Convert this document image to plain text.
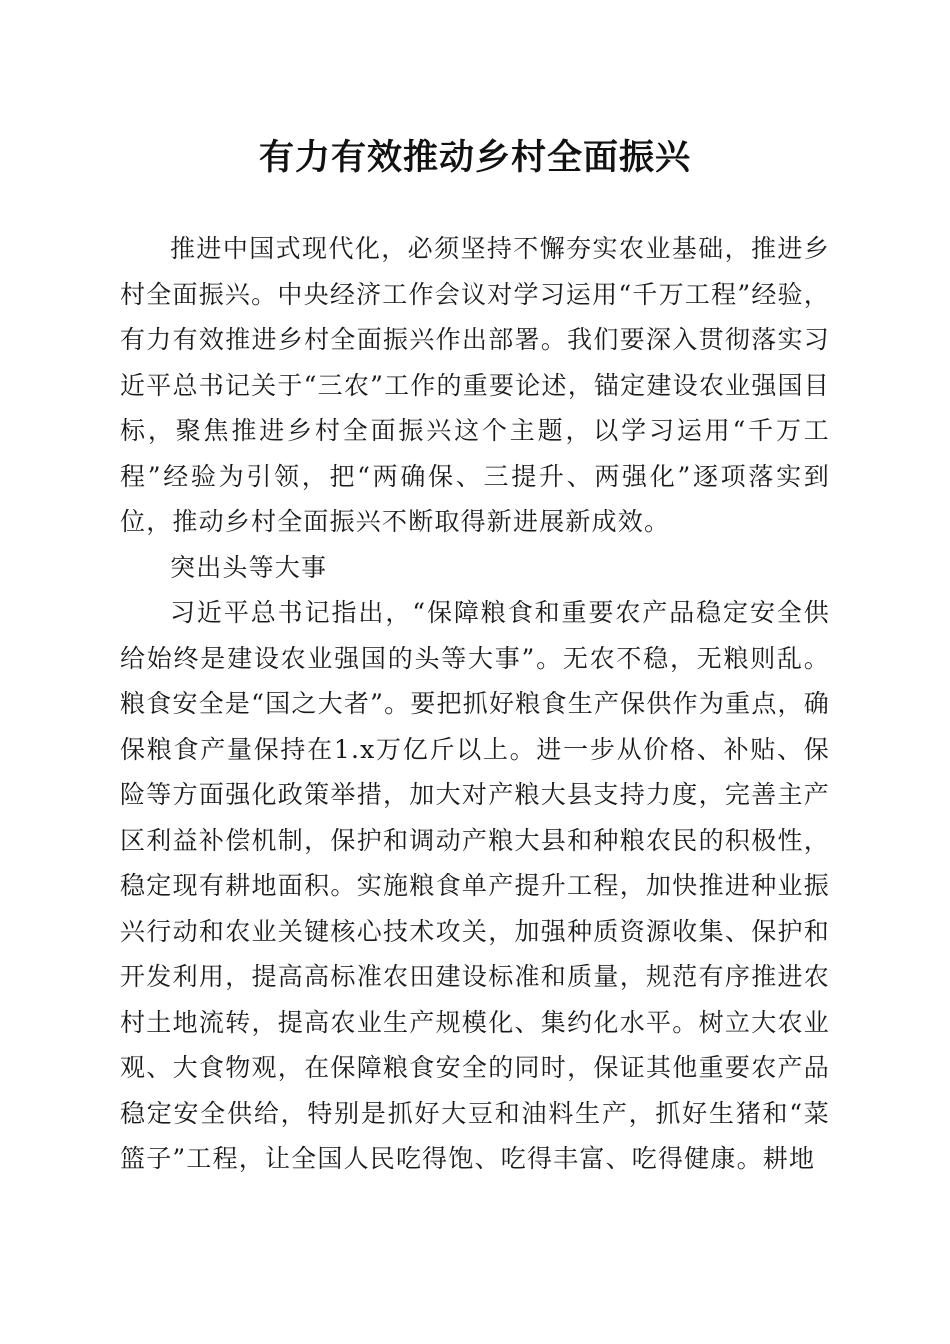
有力有效推动乡村全面振兴

推进中国式现代化，必须坚持不懈夯实农业基础，推进乡村全面振兴。中央经济工作会议对学习运用“千万工程”经验，有力有效推进乡村全面振兴作出部署。我们要深入贯彻落实习近平总书记关于“三农”工作的重要论述，锚定建设农业强国目标，聚焦推进乡村全面振兴这个主题，以学习运用“千万工程”经验为引领，把“两确保、三提升、两强化”逐项落实到位，推动乡村全面振兴不断取得新进展新成效。

突出头等大事

习近平总书记指出，“保障粮食和重要农产品稳定安全供给始终是建设农业强国的头等大事”。无农不稳，无粮则乱。粮食安全是“国之大者”。要把抓好粮食生产保供作为重点，确保粮食产量保持在1.x万亿斤以上。进一步从价格、补贴、保险等方面强化政策举措，加大对产粮大县支持力度，完善主产区利益补偿机制，保护和调动产粮大县和种粮农民的积极性，稳定现有耕地面积。实施粮食单产提升工程，加快推进种业振兴行动和农业关键核心技术攻关，加强种质资源收集、保护和开发利用，提高高标准农田建设标准和质量，规范有序推进农村土地流转，提高农业生产规模化、集约化水平。树立大农业观、大食物观，在保障粮食安全的同时，保证其他重要农产品稳定安全供给，特别是抓好大豆和油料生产，抓好生猪和“菜篮子”工程，让全国人民吃得饱、吃得丰富、吃得健康。耕地
